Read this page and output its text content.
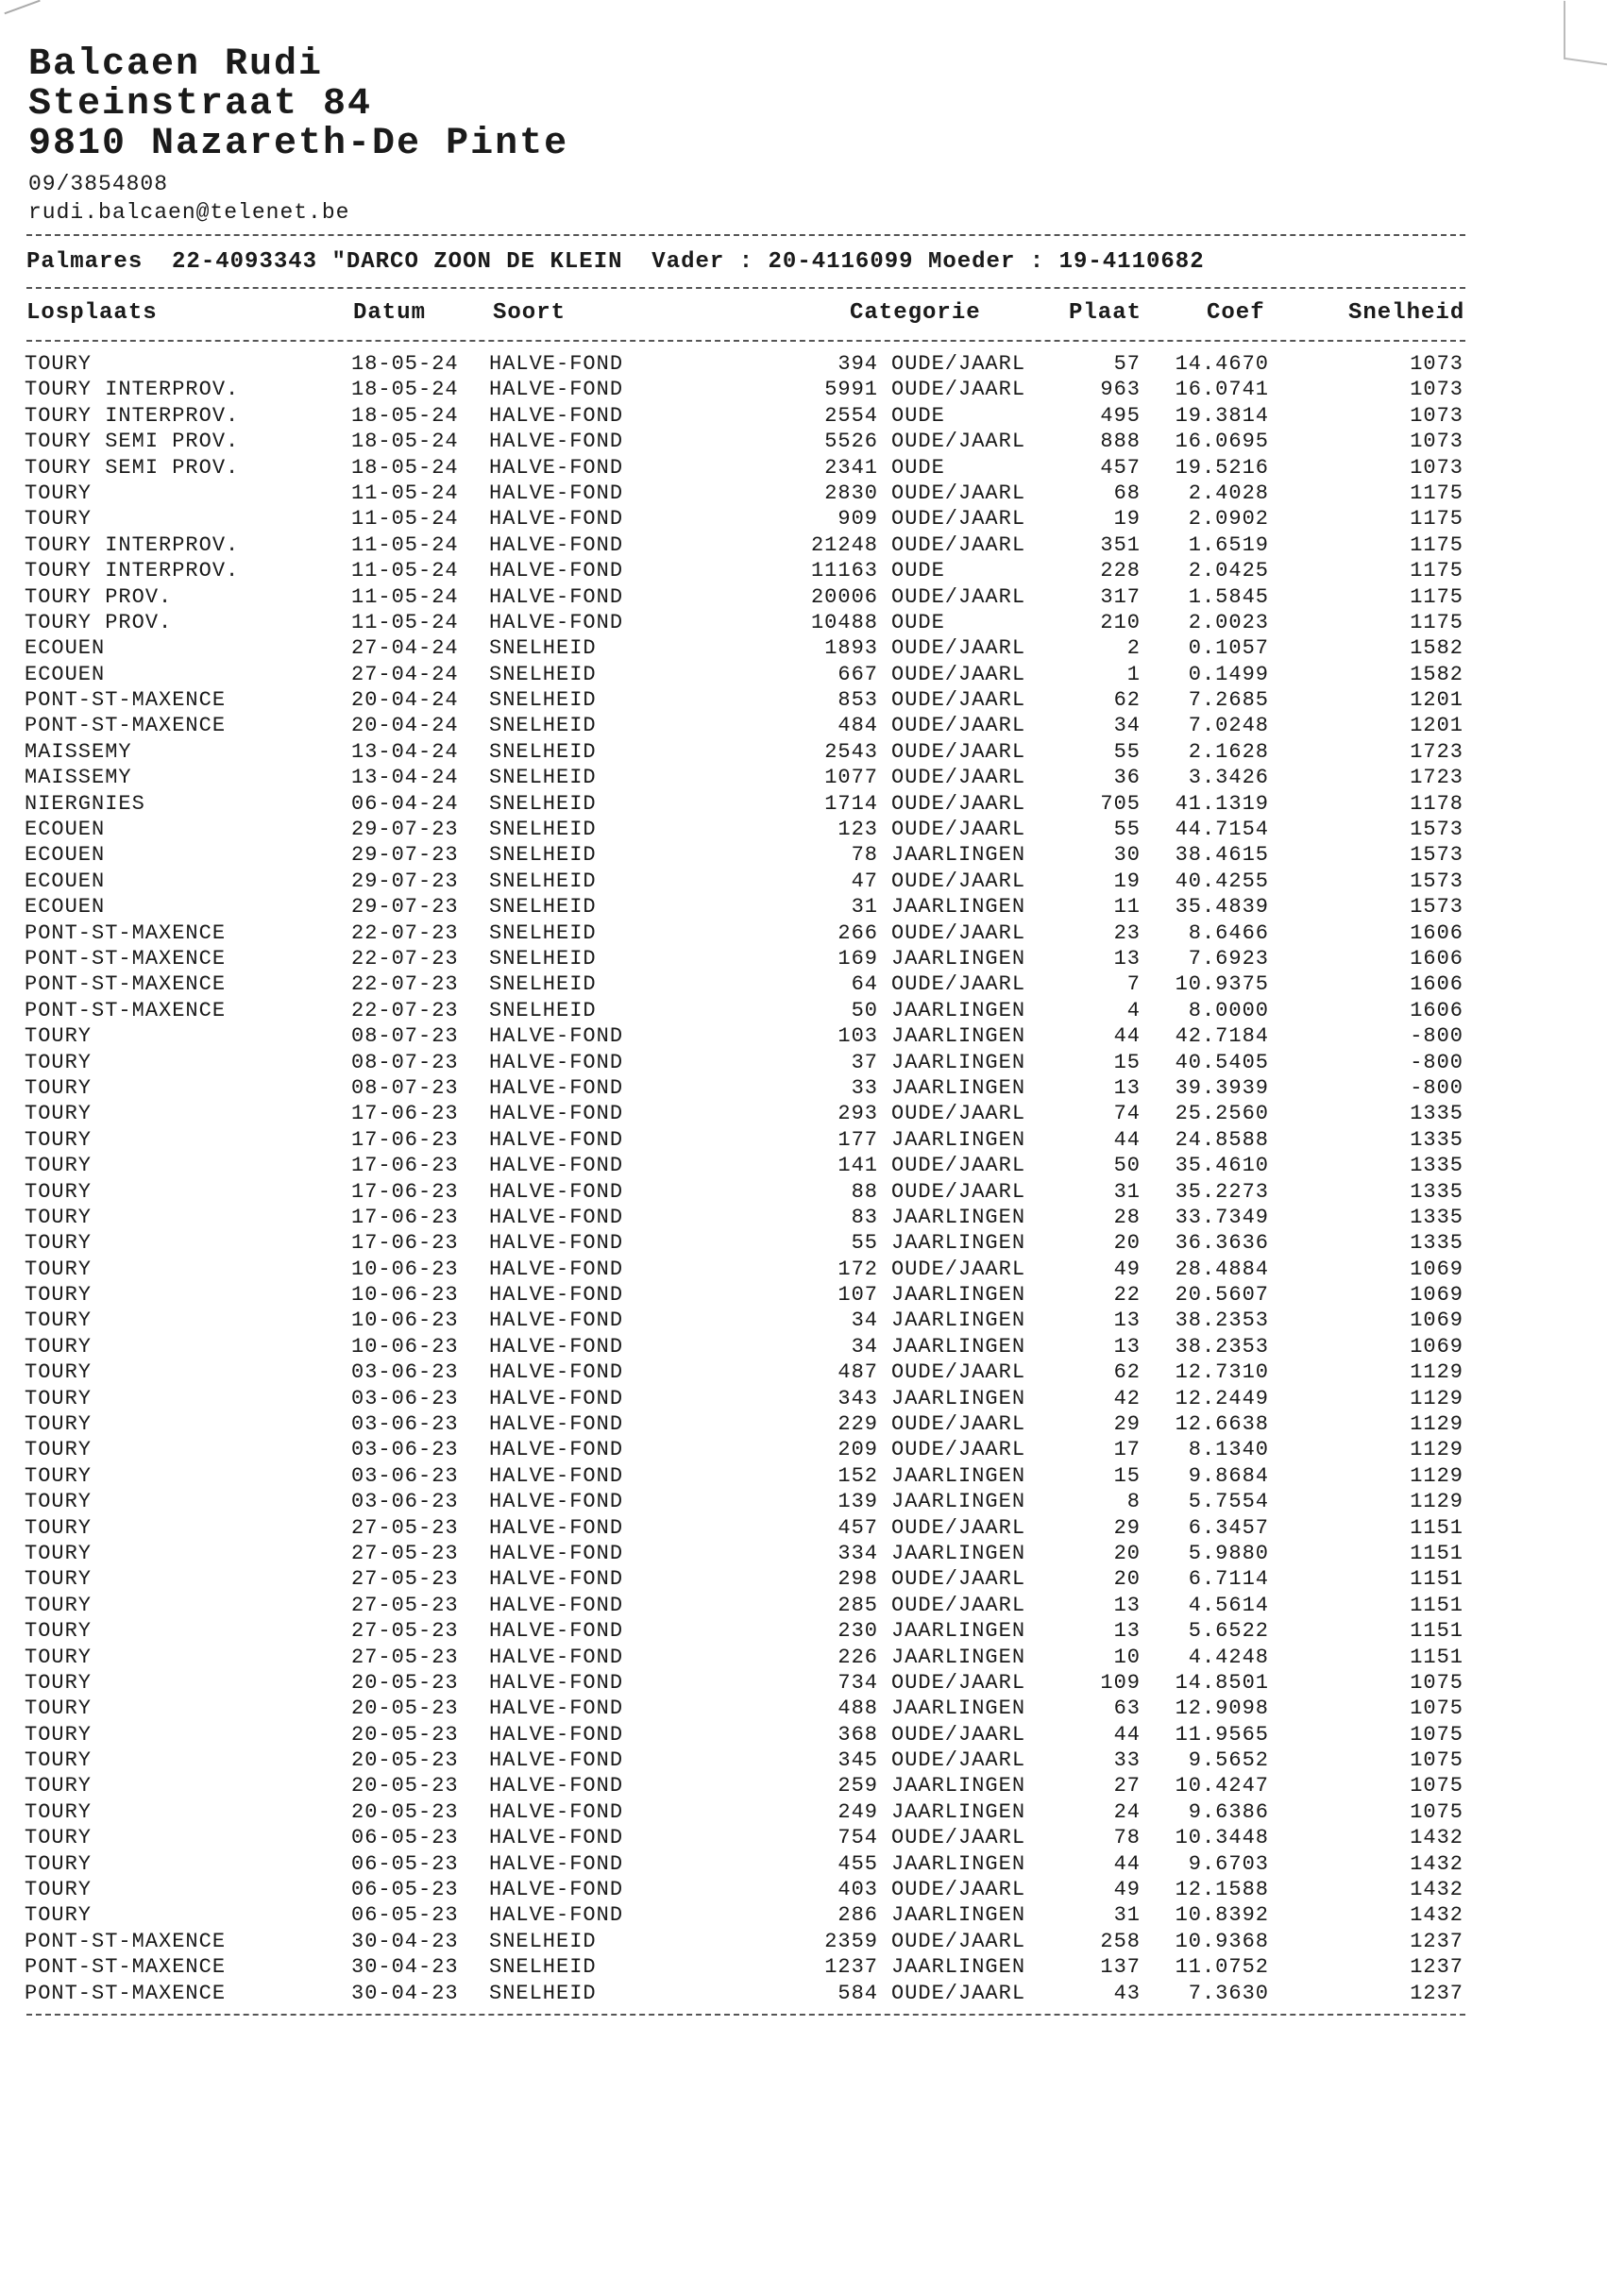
Balcaen Rudi
Steinstraat 84
9810 Nazareth-De Pinte
09/3854808
rudi.balcaen@telenet.be
Palmares  22-4093343 "DARCO ZOON DE KLEIN  Vader : 20-4116099 Moeder : 19-4110682
Losplaats	Datum	Soort	Categorie	Plaat	Coef	Snelheid
TOURY	18-05-24 HALVE-FOND	394 OUDE/JAARL	57	14.4670	1073
TOURY INTERPROV.	18-05-24 HALVE-FOND	5991 OUDE/JAARL	963	16.0741	1073
TOURY INTERPROV.	18-05-24 HALVE-FOND	2554 OUDE	495	19.3814	1073
TOURY SEMI PROV.	18-05-24 HALVE-FOND	5526 OUDE/JAARL	888	16.0695	1073
TOURY SEMI PROV.	18-05-24 HALVE-FOND	2341 OUDE	457	19.5216	1073
TOURY	11-05-24 HALVE-FOND	2830 OUDE/JAARL	68	2.4028	1175
TOURY	11-05-24 HALVE-FOND	909 OUDE/JAARL	19	2.0902	1175
TOURY INTERPROV.	11-05-24 HALVE-FOND	21248 OUDE/JAARL	351	1.6519	1175
TOURY INTERPROV.	11-05-24 HALVE-FOND	11163 OUDE	228	2.0425	1175
TOURY PROV.	11-05-24 HALVE-FOND	20006 OUDE/JAARL	317	1.5845	1175
TOURY PROV.	11-05-24 HALVE-FOND	10488 OUDE	210	2.0023	1175
ECOUEN	27-04-24 SNELHEID	1893 OUDE/JAARL	2	0.1057	1582
ECOUEN	27-04-24 SNELHEID	667 OUDE/JAARL	1	0.1499	1582
PONT-ST-MAXENCE	20-04-24 SNELHEID	853 OUDE/JAARL	62	7.2685	1201
PONT-ST-MAXENCE	20-04-24 SNELHEID	484 OUDE/JAARL	34	7.0248	1201
MAISSEMY	13-04-24 SNELHEID	2543 OUDE/JAARL	55	2.1628	1723
MAISSEMY	13-04-24 SNELHEID	1077 OUDE/JAARL	36	3.3426	1723
NIERGNIES	06-04-24 SNELHEID	1714 OUDE/JAARL	705	41.1319	1178
ECOUEN	29-07-23 SNELHEID	123 OUDE/JAARL	55	44.7154	1573
ECOUEN	29-07-23 SNELHEID	78 JAARLINGEN	30	38.4615	1573
ECOUEN	29-07-23 SNELHEID	47 OUDE/JAARL	19	40.4255	1573
ECOUEN	29-07-23 SNELHEID	31 JAARLINGEN	11	35.4839	1573
PONT-ST-MAXENCE	22-07-23 SNELHEID	266 OUDE/JAARL	23	8.6466	1606
PONT-ST-MAXENCE	22-07-23 SNELHEID	169 JAARLINGEN	13	7.6923	1606
PONT-ST-MAXENCE	22-07-23 SNELHEID	64 OUDE/JAARL	7	10.9375	1606
PONT-ST-MAXENCE	22-07-23 SNELHEID	50 JAARLINGEN	4	8.0000	1606
TOURY	08-07-23 HALVE-FOND	103 JAARLINGEN	44	42.7184	-800
TOURY	08-07-23 HALVE-FOND	37 JAARLINGEN	15	40.5405	-800
TOURY	08-07-23 HALVE-FOND	33 JAARLINGEN	13	39.3939	-800
TOURY	17-06-23 HALVE-FOND	293 OUDE/JAARL	74	25.2560	1335
TOURY	17-06-23 HALVE-FOND	177 JAARLINGEN	44	24.8588	1335
TOURY	17-06-23 HALVE-FOND	141 OUDE/JAARL	50	35.4610	1335
TOURY	17-06-23 HALVE-FOND	88 OUDE/JAARL	31	35.2273	1335
TOURY	17-06-23 HALVE-FOND	83 JAARLINGEN	28	33.7349	1335
TOURY	17-06-23 HALVE-FOND	55 JAARLINGEN	20	36.3636	1335
TOURY	10-06-23 HALVE-FOND	172 OUDE/JAARL	49	28.4884	1069
TOURY	10-06-23 HALVE-FOND	107 JAARLINGEN	22	20.5607	1069
TOURY	10-06-23 HALVE-FOND	34 JAARLINGEN	13	38.2353	1069
TOURY	10-06-23 HALVE-FOND	34 JAARLINGEN	13	38.2353	1069
TOURY	03-06-23 HALVE-FOND	487 OUDE/JAARL	62	12.7310	1129
TOURY	03-06-23 HALVE-FOND	343 JAARLINGEN	42	12.2449	1129
TOURY	03-06-23 HALVE-FOND	229 OUDE/JAARL	29	12.6638	1129
TOURY	03-06-23 HALVE-FOND	209 OUDE/JAARL	17	8.1340	1129
TOURY	03-06-23 HALVE-FOND	152 JAARLINGEN	15	9.8684	1129
TOURY	03-06-23 HALVE-FOND	139 JAARLINGEN	8	5.7554	1129
TOURY	27-05-23 HALVE-FOND	457 OUDE/JAARL	29	6.3457	1151
TOURY	27-05-23 HALVE-FOND	334 JAARLINGEN	20	5.9880	1151
TOURY	27-05-23 HALVE-FOND	298 OUDE/JAARL	20	6.7114	1151
TOURY	27-05-23 HALVE-FOND	285 OUDE/JAARL	13	4.5614	1151
TOURY	27-05-23 HALVE-FOND	230 JAARLINGEN	13	5.6522	1151
TOURY	27-05-23 HALVE-FOND	226 JAARLINGEN	10	4.4248	1151
TOURY	20-05-23 HALVE-FOND	734 OUDE/JAARL	109	14.8501	1075
TOURY	20-05-23 HALVE-FOND	488 JAARLINGEN	63	12.9098	1075
TOURY	20-05-23 HALVE-FOND	368 OUDE/JAARL	44	11.9565	1075
TOURY	20-05-23 HALVE-FOND	345 OUDE/JAARL	33	9.5652	1075
TOURY	20-05-23 HALVE-FOND	259 JAARLINGEN	27	10.4247	1075
TOURY	20-05-23 HALVE-FOND	249 JAARLINGEN	24	9.6386	1075
TOURY	06-05-23 HALVE-FOND	754 OUDE/JAARL	78	10.3448	1432
TOURY	06-05-23 HALVE-FOND	455 JAARLINGEN	44	9.6703	1432
TOURY	06-05-23 HALVE-FOND	403 OUDE/JAARL	49	12.1588	1432
TOURY	06-05-23 HALVE-FOND	286 JAARLINGEN	31	10.8392	1432
PONT-ST-MAXENCE	30-04-23 SNELHEID	2359 OUDE/JAARL	258	10.9368	1237
PONT-ST-MAXENCE	30-04-23 SNELHEID	1237 JAARLINGEN	137	11.0752	1237
PONT-ST-MAXENCE	30-04-23 SNELHEID	584 OUDE/JAARL	43	7.3630	1237
